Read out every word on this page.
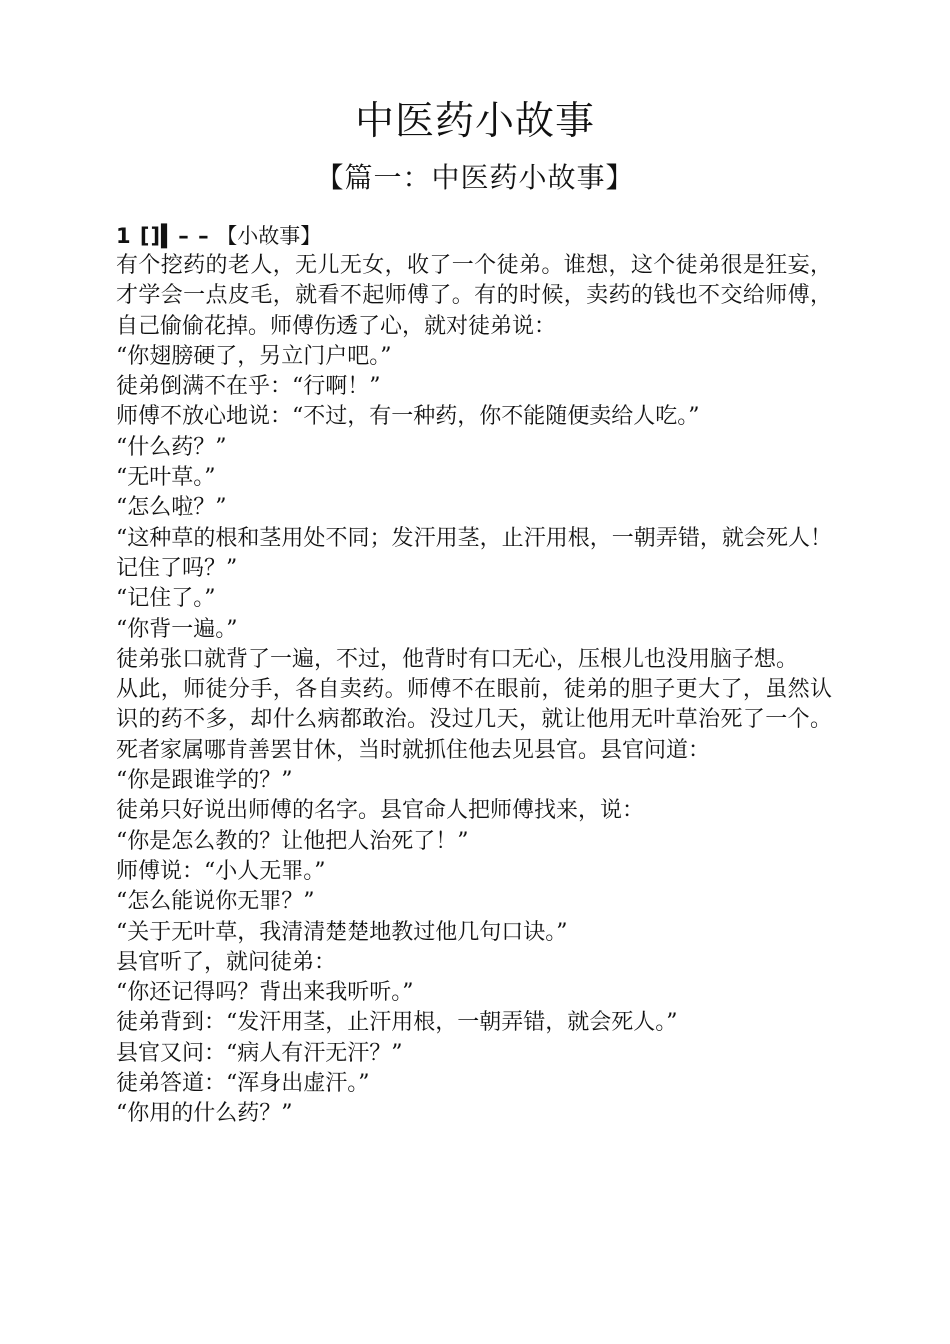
中医药小故事
【篇一：中医药小故事】
1 []▍– – 【小故事】

有个挖药的老人，无儿无女，收了一个徒弟。谁想，这个徒弟很是狂妄，才学会一点皮毛，就看不起师傅了。有的时候，卖药的钱也不交给师傅，自己偷偷花掉。师傅伤透了心，就对徒弟说：

“你翅膀硬了，另立门户吧。”

徒弟倒满不在乎：“行啊！”

师傅不放心地说：“不过，有一种药，你不能随便卖给人吃。”

“什么药？”

“无叶草。”

“怎么啦？”

“这种草的根和茎用处不同；发汗用茎，止汗用根，一朝弄错，就会死人！记住了吗？”

“记住了。”

“你背一遍。”

徒弟张口就背了一遍，不过，他背时有口无心，压根儿也没用脑子想。

从此，师徒分手，各自卖药。师傅不在眼前，徒弟的胆子更大了，虽然认识的药不多，却什么病都敢治。没过几天，就让他用无叶草治死了一个。死者家属哪肯善罢甘休，当时就抓住他去见县官。县官问道：

“你是跟谁学的？”

徒弟只好说出师傅的名字。县官命人把师傅找来，说：

“你是怎么教的？让他把人治死了！”

师傅说：“小人无罪。”

“怎么能说你无罪？”

“关于无叶草，我清清楚楚地教过他几句口诀。”

县官听了，就问徒弟：

“你还记得吗？背出来我听听。”

徒弟背到：“发汗用茎，止汗用根，一朝弄错，就会死人。”

县官又问：“病人有汗无汗？”

徒弟答道：“浑身出虚汗。”

“你用的什么药？”
